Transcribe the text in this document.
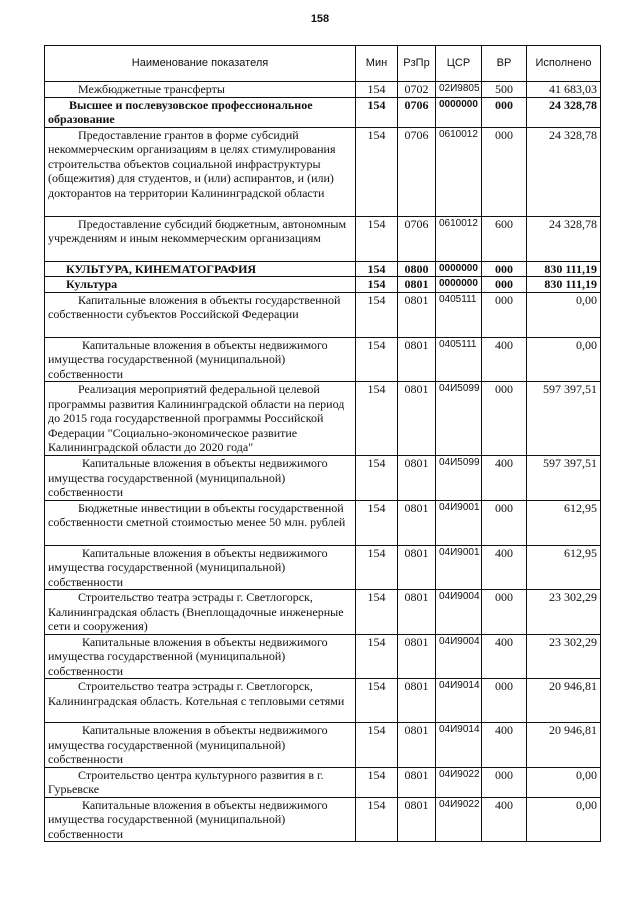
158
Наименование показателя	Мин	РзПр	ЦСР	ВР	Исполнено
Межбюджетные трансферты	154	0702	02И9805	500	41 683,03
Высшее и послевузовское профессиональное образование	154	0706	0000000	000	24 328,78
Предоставление грантов в форме субсидий некоммерческим организациям в целях стимулирования строительства объектов социальной инфраструктуры (общежития) для студентов, и (или) аспирантов, и (или) докторантов на территории Калининградской области	154	0706	0610012	000	24 328,78
Предоставление субсидий бюджетным, автономным учреждениям и иным некоммерческим организациям	154	0706	0610012	600	24 328,78
КУЛЬТУРА, КИНЕМАТОГРАФИЯ	154	0800	0000000	000	830 111,19
Культура	154	0801	0000000	000	830 111,19
Капитальные вложения в объекты государственной собственности субъектов Российской Федерации	154	0801	0405111	000	0,00
Капитальные вложения в объекты недвижимого имущества государственной (муниципальной) собственности	154	0801	0405111	400	0,00
Реализация мероприятий федеральной целевой программы развития Калининградской области на период до 2015 года государственной программы Российской Федерации "Социально-экономическое развитие Калининградской области до 2020 года"	154	0801	04И5099	000	597 397,51
Капитальные вложения в объекты недвижимого имущества государственной (муниципальной) собственности	154	0801	04И5099	400	597 397,51
Бюджетные инвестиции в объекты государственной собственности сметной стоимостью менее 50 млн. рублей	154	0801	04И9001	000	612,95
Капитальные вложения в объекты недвижимого имущества государственной (муниципальной) собственности	154	0801	04И9001	400	612,95
Строительство театра эстрады г. Светлогорск, Калининградская область (Внеплощадочные инженерные сети и сооружения)	154	0801	04И9004	000	23 302,29
Капитальные вложения в объекты недвижимого имущества государственной (муниципальной) собственности	154	0801	04И9004	400	23 302,29
Строительство театра эстрады г. Светлогорск, Калининградская область. Котельная с тепловыми сетями	154	0801	04И9014	000	20 946,81
Капитальные вложения в объекты недвижимого имущества государственной (муниципальной) собственности	154	0801	04И9014	400	20 946,81
Строительство центра культурного развития в г. Гурьевске	154	0801	04И9022	000	0,00
Капитальные вложения в объекты недвижимого имущества государственной (муниципальной) собственности	154	0801	04И9022	400	0,00
